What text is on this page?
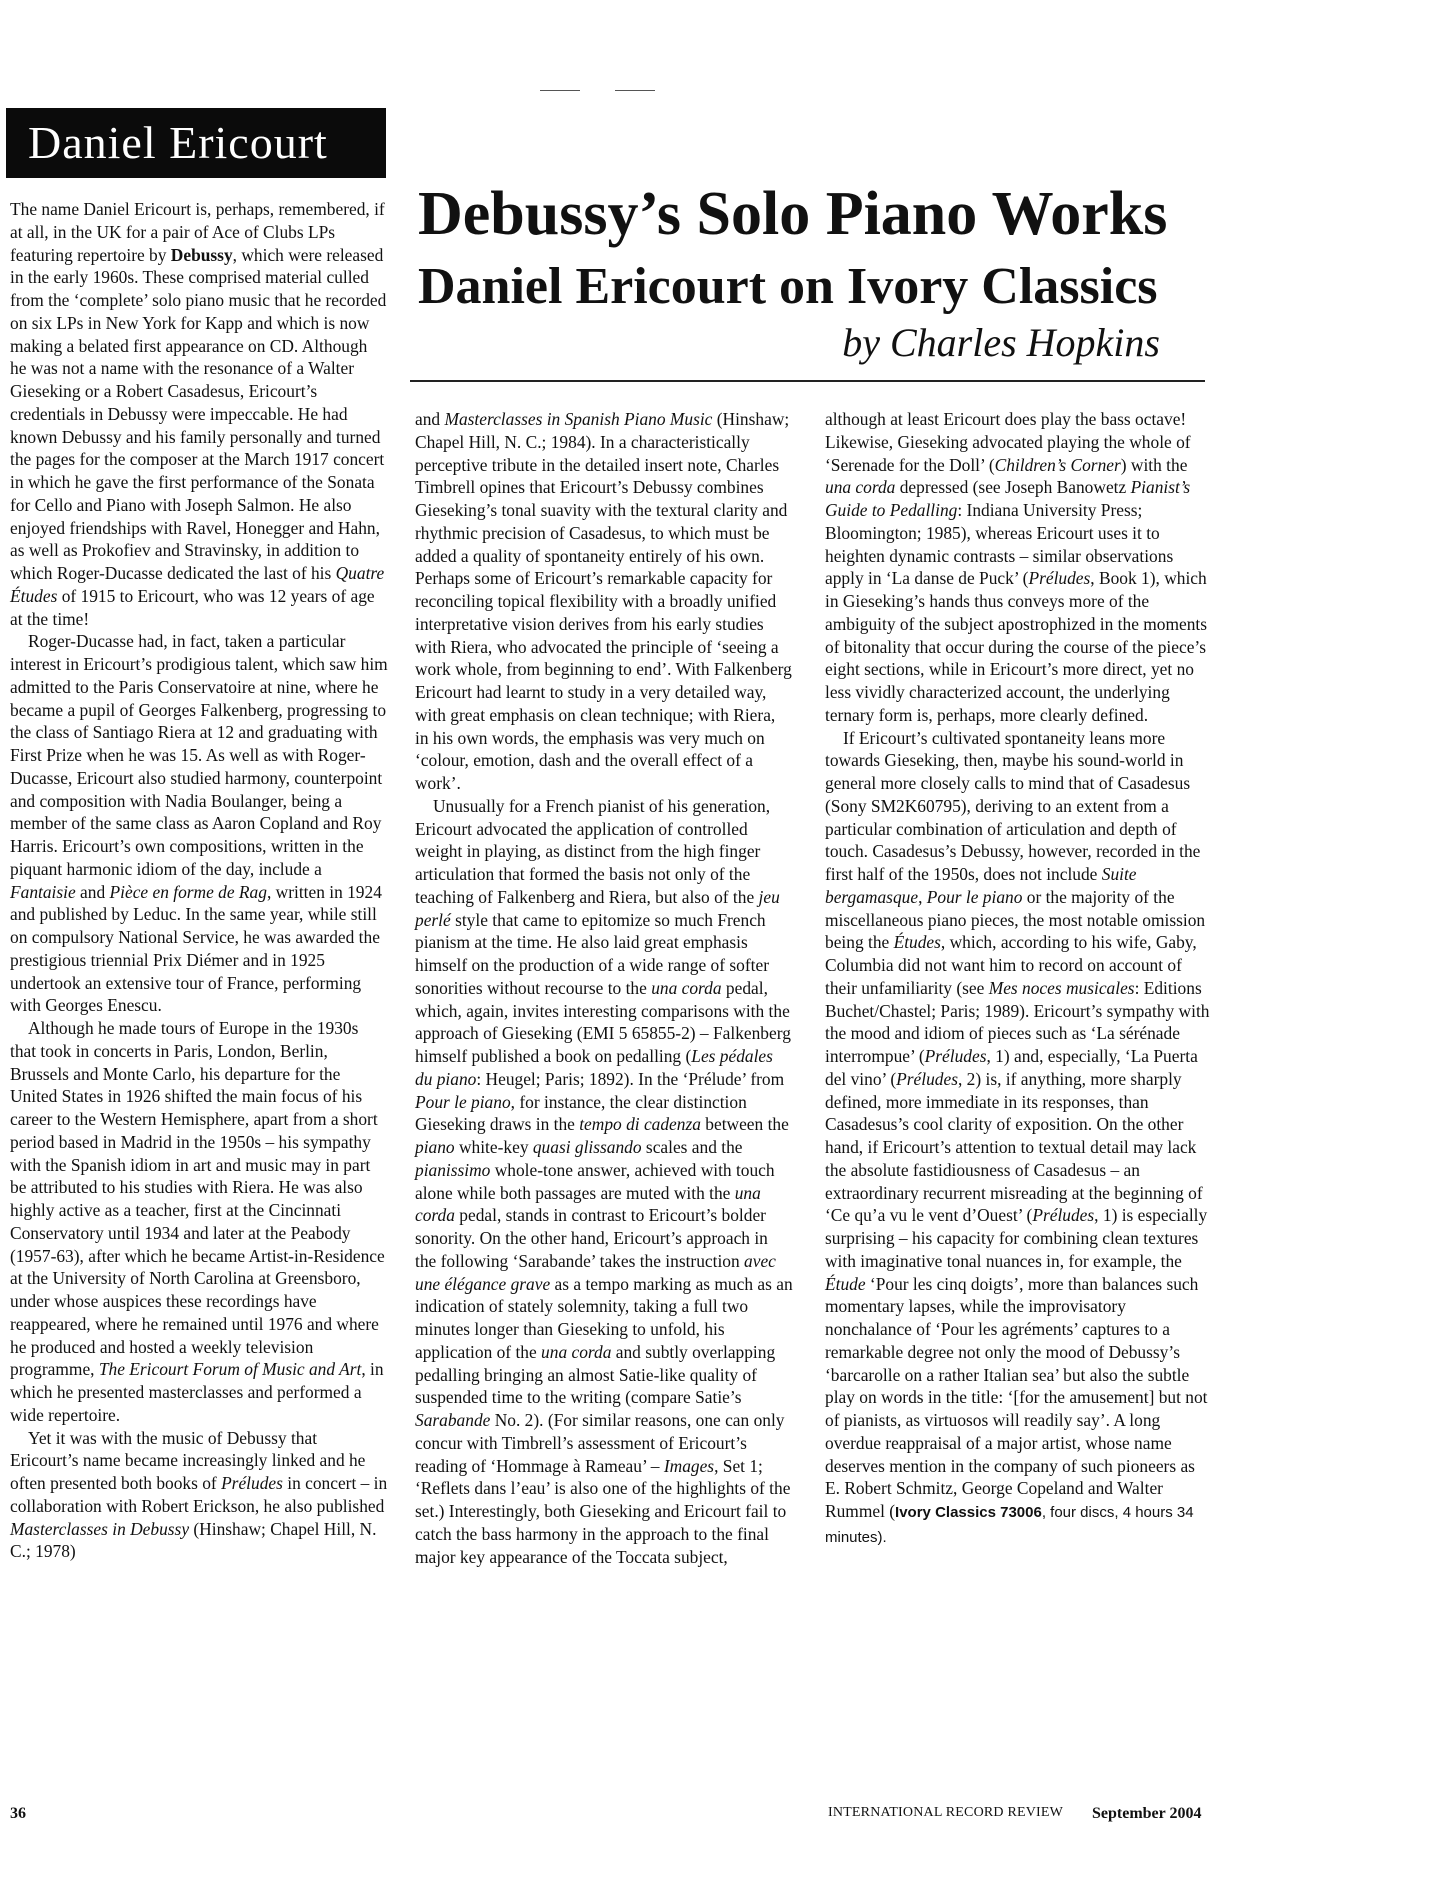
Daniel Ericourt
Debussy’s Solo Piano Works
Daniel Ericourt on Ivory Classics
by Charles Hopkins

The name Daniel Ericourt is, perhaps, remembered, if at all, in the UK for a pair of Ace of Clubs LPs featuring repertoire by Debussy, which were released in the early 1960s. These comprised material culled from the ‘complete’ solo piano music that he recorded on six LPs in New York for Kapp and which is now making a belated first appearance on CD. Although he was not a name with the resonance of a Walter Gieseking or a Robert Casadesus, Ericourt’s credentials in Debussy were impeccable. He had known Debussy and his family personally and turned the pages for the composer at the March 1917 concert in which he gave the first performance of the Sonata for Cello and Piano with Joseph Salmon. He also enjoyed friendships with Ravel, Honegger and Hahn, as well as Prokofiev and Stravinsky, in addition to which Roger-Ducasse dedicated the last of his Quatre Études of 1915 to Ericourt, who was 12 years of age at the time!

Roger-Ducasse had, in fact, taken a particular interest in Ericourt’s prodigious talent, which saw him admitted to the Paris Conservatoire at nine, where he became a pupil of Georges Falkenberg, progressing to the class of Santiago Riera at 12 and graduating with First Prize when he was 15. As well as with Roger-Ducasse, Ericourt also studied harmony, counterpoint and composition with Nadia Boulanger, being a member of the same class as Aaron Copland and Roy Harris. Ericourt’s own compositions, written in the piquant harmonic idiom of the day, include a Fantaisie and Pièce en forme de Rag, written in 1924 and published by Leduc. In the same year, while still on compulsory National Service, he was awarded the prestigious triennial Prix Diémer and in 1925 undertook an extensive tour of France, performing with Georges Enescu.

Although he made tours of Europe in the 1930s that took in concerts in Paris, London, Berlin, Brussels and Monte Carlo, his departure for the United States in 1926 shifted the main focus of his career to the Western Hemisphere, apart from a short period based in Madrid in the 1950s – his sympathy with the Spanish idiom in art and music may in part be attributed to his studies with Riera. He was also highly active as a teacher, first at the Cincinnati Conservatory until 1934 and later at the Peabody (1957-63), after which he became Artist-in-Residence at the University of North Carolina at Greensboro, under whose auspices these recordings have reappeared, where he remained until 1976 and where he produced and hosted a weekly television programme, The Ericourt Forum of Music and Art, in which he presented masterclasses and performed a wide repertoire.

Yet it was with the music of Debussy that Ericourt’s name became increasingly linked and he often presented both books of Préludes in concert – in collaboration with Robert Erickson, he also published Masterclasses in Debussy (Hinshaw; Chapel Hill, N. C.; 1978)

and Masterclasses in Spanish Piano Music (Hinshaw; Chapel Hill, N. C.; 1984). In a characteristically perceptive tribute in the detailed insert note, Charles Timbrell opines that Ericourt’s Debussy combines Gieseking’s tonal suavity with the textural clarity and rhythmic precision of Casadesus, to which must be added a quality of spontaneity entirely of his own. Perhaps some of Ericourt’s remarkable capacity for reconciling topical flexibility with a broadly unified interpretative vision derives from his early studies with Riera, who advocated the principle of ‘seeing a work whole, from beginning to end’. With Falkenberg Ericourt had learnt to study in a very detailed way, with great emphasis on clean technique; with Riera, in his own words, the emphasis was very much on ‘colour, emotion, dash and the overall effect of a work’.

Unusually for a French pianist of his generation, Ericourt advocated the application of controlled weight in playing, as distinct from the high finger articulation that formed the basis not only of the teaching of Falkenberg and Riera, but also of the jeu perlé style that came to epitomize so much French pianism at the time. He also laid great emphasis himself on the production of a wide range of softer sonorities without recourse to the una corda pedal, which, again, invites interesting comparisons with the approach of Gieseking (EMI 5 65855-2) – Falkenberg himself published a book on pedalling (Les pédales du piano: Heugel; Paris; 1892). In the ‘Prélude’ from Pour le piano, for instance, the clear distinction Gieseking draws in the tempo di cadenza between the piano white-key quasi glissando scales and the pianissimo whole-tone answer, achieved with touch alone while both passages are muted with the una corda pedal, stands in contrast to Ericourt’s bolder sonority. On the other hand, Ericourt’s approach in the following ‘Sarabande’ takes the instruction avec une élégance grave as a tempo marking as much as an indication of stately solemnity, taking a full two minutes longer than Gieseking to unfold, his application of the una corda and subtly overlapping pedalling bringing an almost Satie-like quality of suspended time to the writing (compare Satie’s Sarabande No. 2). (For similar reasons, one can only concur with Timbrell’s assessment of Ericourt’s reading of ‘Hommage à Rameau’ – Images, Set 1; ‘Reflets dans l’eau’ is also one of the highlights of the set.) Interestingly, both Gieseking and Ericourt fail to catch the bass harmony in the approach to the final major key appearance of the Toccata subject,

although at least Ericourt does play the bass octave! Likewise, Gieseking advocated playing the whole of ‘Serenade for the Doll’ (Children’s Corner) with the una corda depressed (see Joseph Banowetz Pianist’s Guide to Pedalling: Indiana University Press; Bloomington; 1985), whereas Ericourt uses it to heighten dynamic contrasts – similar observations apply in ‘La danse de Puck’ (Préludes, Book 1), which in Gieseking’s hands thus conveys more of the ambiguity of the subject apostrophized in the moments of bitonality that occur during the course of the piece’s eight sections, while in Ericourt’s more direct, yet no less vividly characterized account, the underlying ternary form is, perhaps, more clearly defined.

If Ericourt’s cultivated spontaneity leans more towards Gieseking, then, maybe his sound-world in general more closely calls to mind that of Casadesus (Sony SM2K60795), deriving to an extent from a particular combination of articulation and depth of touch. Casadesus’s Debussy, however, recorded in the first half of the 1950s, does not include Suite bergamasque, Pour le piano or the majority of the miscellaneous piano pieces, the most notable omission being the Études, which, according to his wife, Gaby, Columbia did not want him to record on account of their unfamiliarity (see Mes noces musicales: Editions Buchet/Chastel; Paris; 1989). Ericourt’s sympathy with the mood and idiom of pieces such as ‘La sérénade interrompue’ (Préludes, 1) and, especially, ‘La Puerta del vino’ (Préludes, 2) is, if anything, more sharply defined, more immediate in its responses, than Casadesus’s cool clarity of exposition. On the other hand, if Ericourt’s attention to textual detail may lack the absolute fastidiousness of Casadesus – an extraordinary recurrent misreading at the beginning of ‘Ce qu’a vu le vent d’Ouest’ (Préludes, 1) is especially surprising – his capacity for combining clean textures with imaginative tonal nuances in, for example, the Étude ‘Pour les cinq doigts’, more than balances such momentary lapses, while the improvisatory nonchalance of ‘Pour les agréments’ captures to a remarkable degree not only the mood of Debussy’s ‘barcarolle on a rather Italian sea’ but also the subtle play on words in the title: ‘[for the amusement] but not of pianists, as virtuosos will readily say’. A long overdue reappraisal of a major artist, whose name deserves mention in the company of such pioneers as E. Robert Schmitz, George Copeland and Walter Rummel (Ivory Classics 73006, four discs, 4 hours 34 minutes).

36	INTERNATIONAL RECORD REVIEW September 2004
